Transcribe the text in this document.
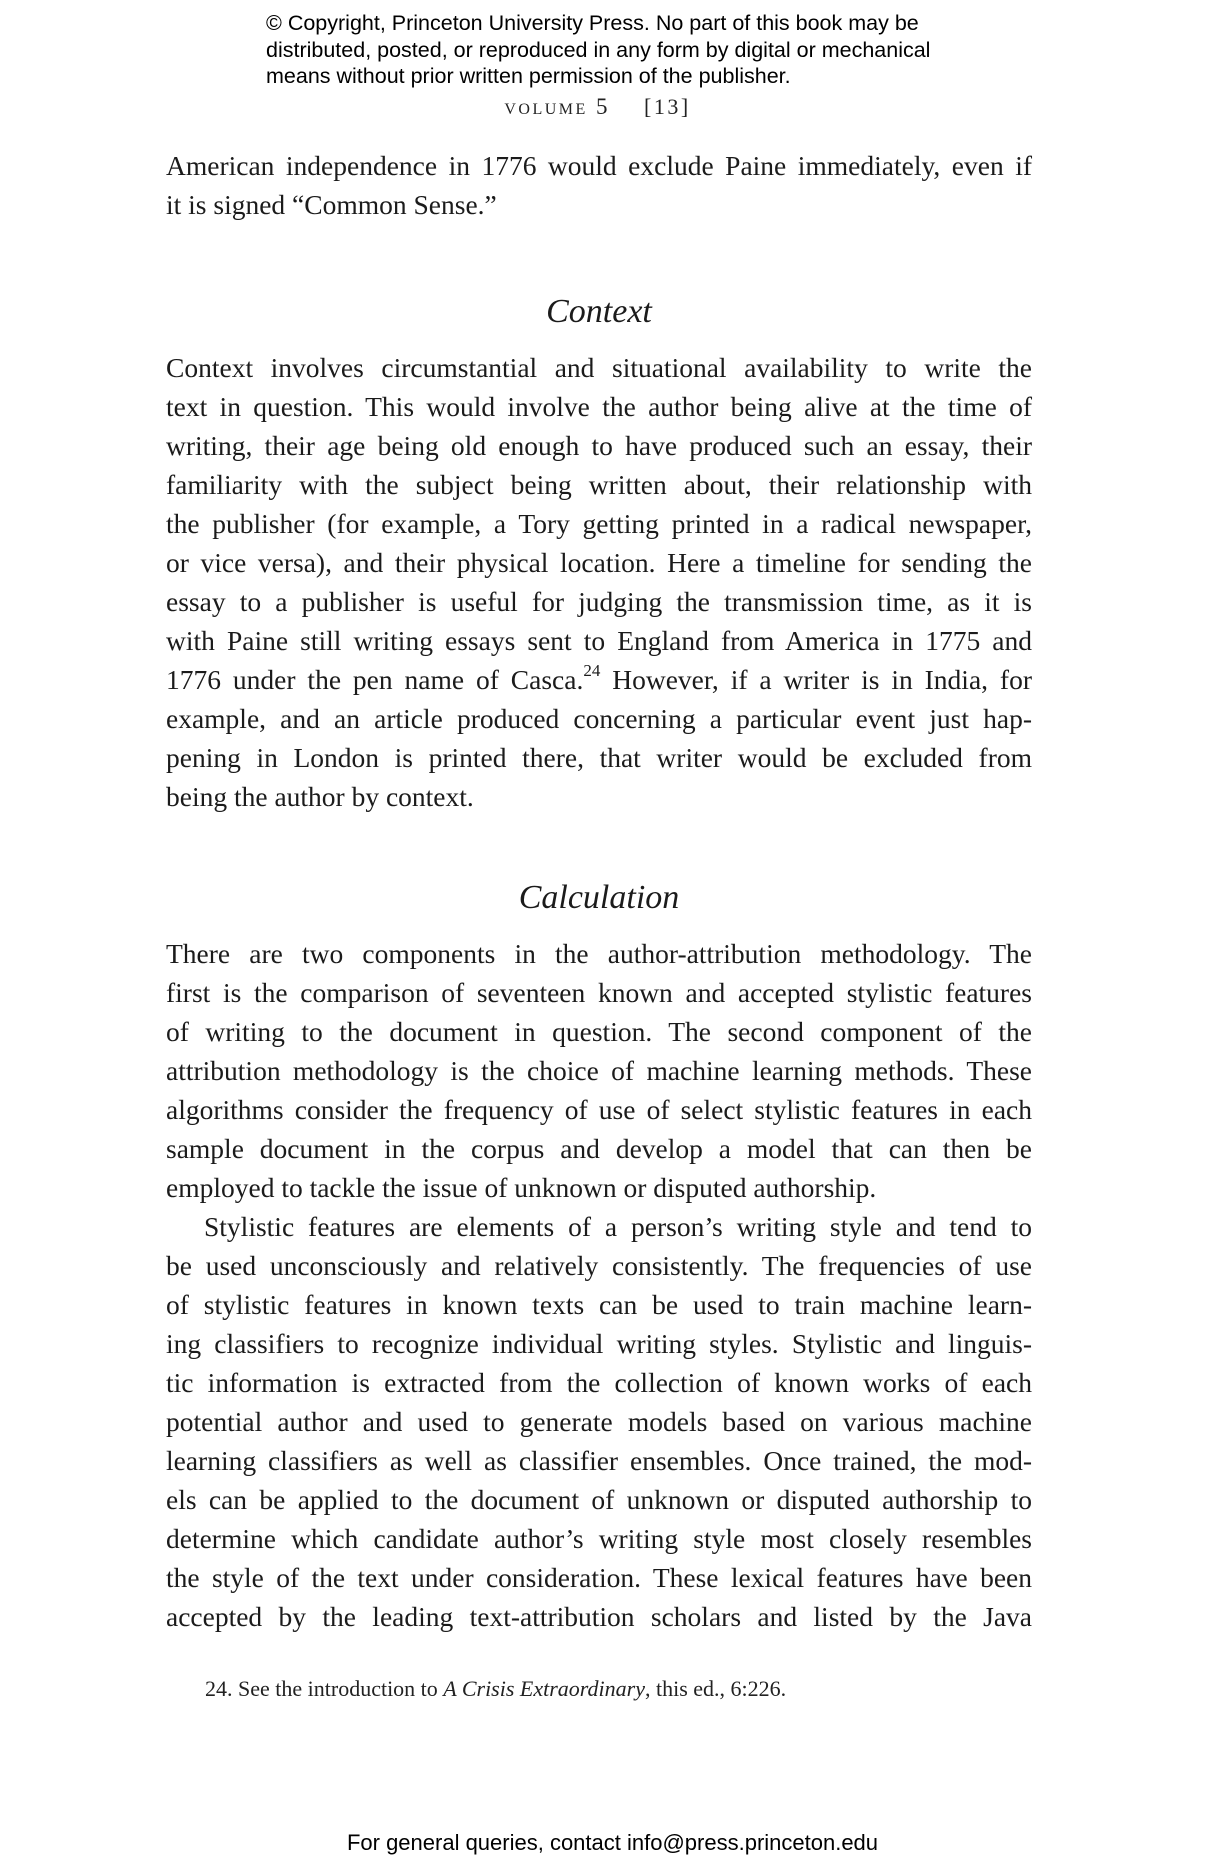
© Copyright, Princeton University Press. No part of this book may be
distributed, posted, or reproduced in any form by digital or mechanical
means without prior written permission of the publisher.
volume 5 [13]

American independence in 1776 would exclude Paine immediately, even if
it is signed “Common Sense.”

Context

Context involves circumstantial and situational availability to write the
text in question. This would involve the author being alive at the time of
writing, their age being old enough to have produced such an essay, their
familiarity with the subject being written about, their relationship with
the publisher (for example, a Tory getting printed in a radical newspaper,
or vice versa), and their physical location. Here a timeline for sending the
essay to a publisher is useful for judging the transmission time, as it is
with Paine still writing essays sent to England from America in 1775 and
1776 under the pen name of Casca.$^{24}$ However, if a writer is in India, for
example, and an article produced concerning a particular event just hap-
pening in London is printed there, that writer would be excluded from
being the author by context.

Calculation

There are two components in the author-attribution methodology. The
first is the comparison of seventeen known and accepted stylistic features
of writing to the document in question. The second component of the
attribution methodology is the choice of machine learning methods. These
algorithms consider the frequency of use of select stylistic features in each
sample document in the corpus and develop a model that can then be
employed to tackle the issue of unknown or disputed authorship.

Stylistic features are elements of a person’s writing style and tend to
be used unconsciously and relatively consistently. The frequencies of use
of stylistic features in known texts can be used to train machine learn-
ing classifiers to recognize individual writing styles. Stylistic and linguis-
tic information is extracted from the collection of known works of each
potential author and used to generate models based on various machine
learning classifiers as well as classifier ensembles. Once trained, the mod-
els can be applied to the document of unknown or disputed authorship to
determine which candidate author’s writing style most closely resembles
the style of the text under consideration. These lexical features have been
accepted by the leading text-attribution scholars and listed by the Java

24. See the introduction to A Crisis Extraordinary, this ed., 6:226.
For general queries, contact info@press.princeton.edu
